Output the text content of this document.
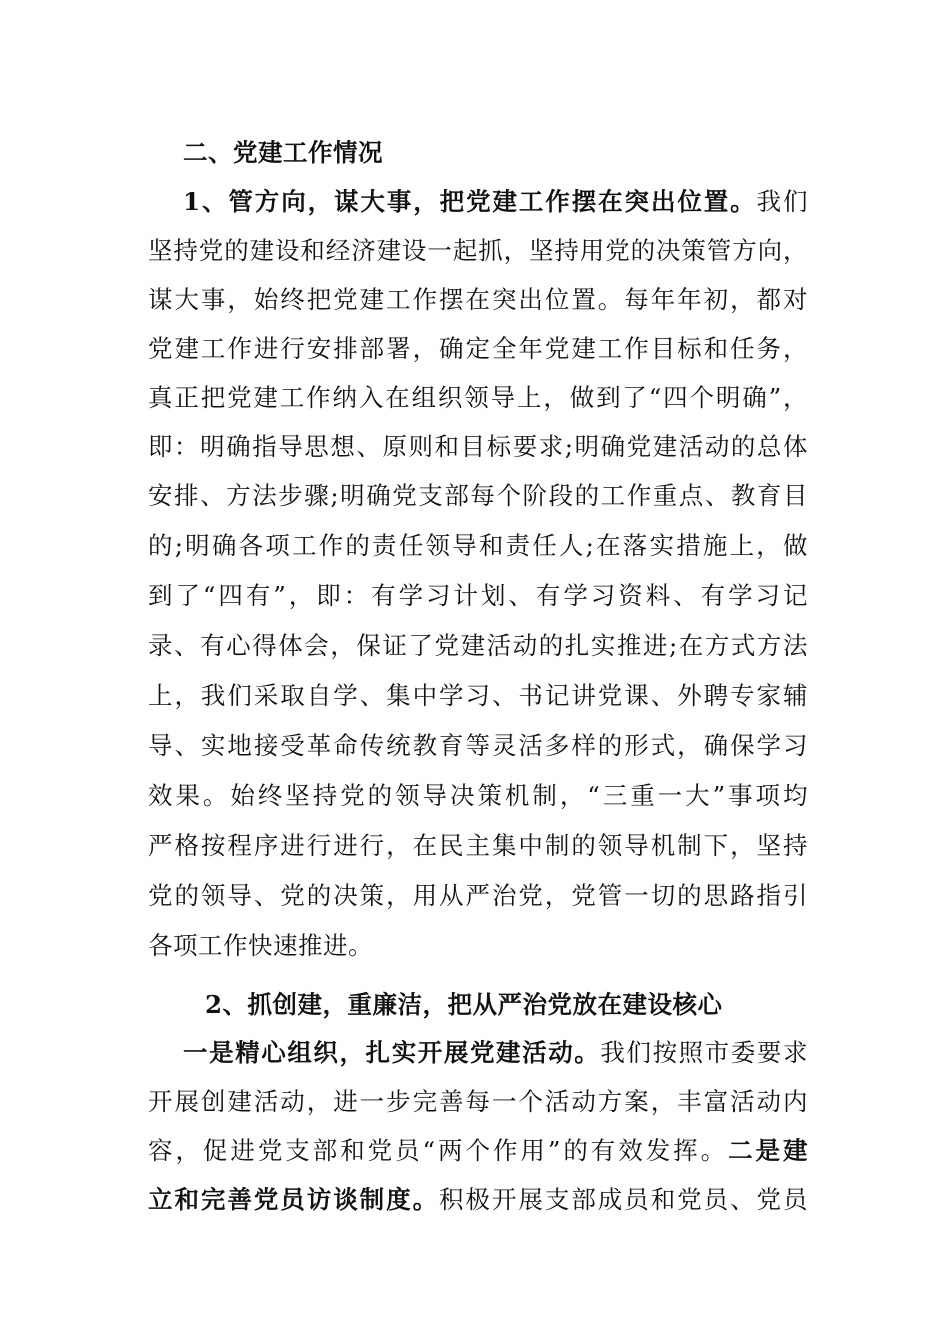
二、党建工作情况
1、管方向，谋大事，把党建工作摆在突出位置。我们
坚持党的建设和经济建设一起抓，坚持用党的决策管方向，
谋大事，始终把党建工作摆在突出位置。每年年初，都对
党建工作进行安排部署，确定全年党建工作目标和任务，
真正把党建工作纳入在组织领导上，做到了“四个明确”，
即：明确指导思想、原则和目标要求;明确党建活动的总体
安排、方法步骤;明确党支部每个阶段的工作重点、教育目
的;明确各项工作的责任领导和责任人;在落实措施上，做
到了“四有”，即：有学习计划、有学习资料、有学习记
录、有心得体会，保证了党建活动的扎实推进;在方式方法
上，我们采取自学、集中学习、书记讲党课、外聘专家辅
导、实地接受革命传统教育等灵活多样的形式，确保学习
效果。始终坚持党的领导决策机制，“三重一大”事项均
严格按程序进行进行，在民主集中制的领导机制下，坚持
党的领导、党的决策，用从严治党，党管一切的思路指引
各项工作快速推进。
2、抓创建，重廉洁，把从严治党放在建设核心
一是精心组织，扎实开展党建活动。我们按照市委要求
开展创建活动，进一步完善每一个活动方案，丰富活动内
容，促进党支部和党员“两个作用”的有效发挥。二是建
立和完善党员访谈制度。积极开展支部成员和党员、党员
